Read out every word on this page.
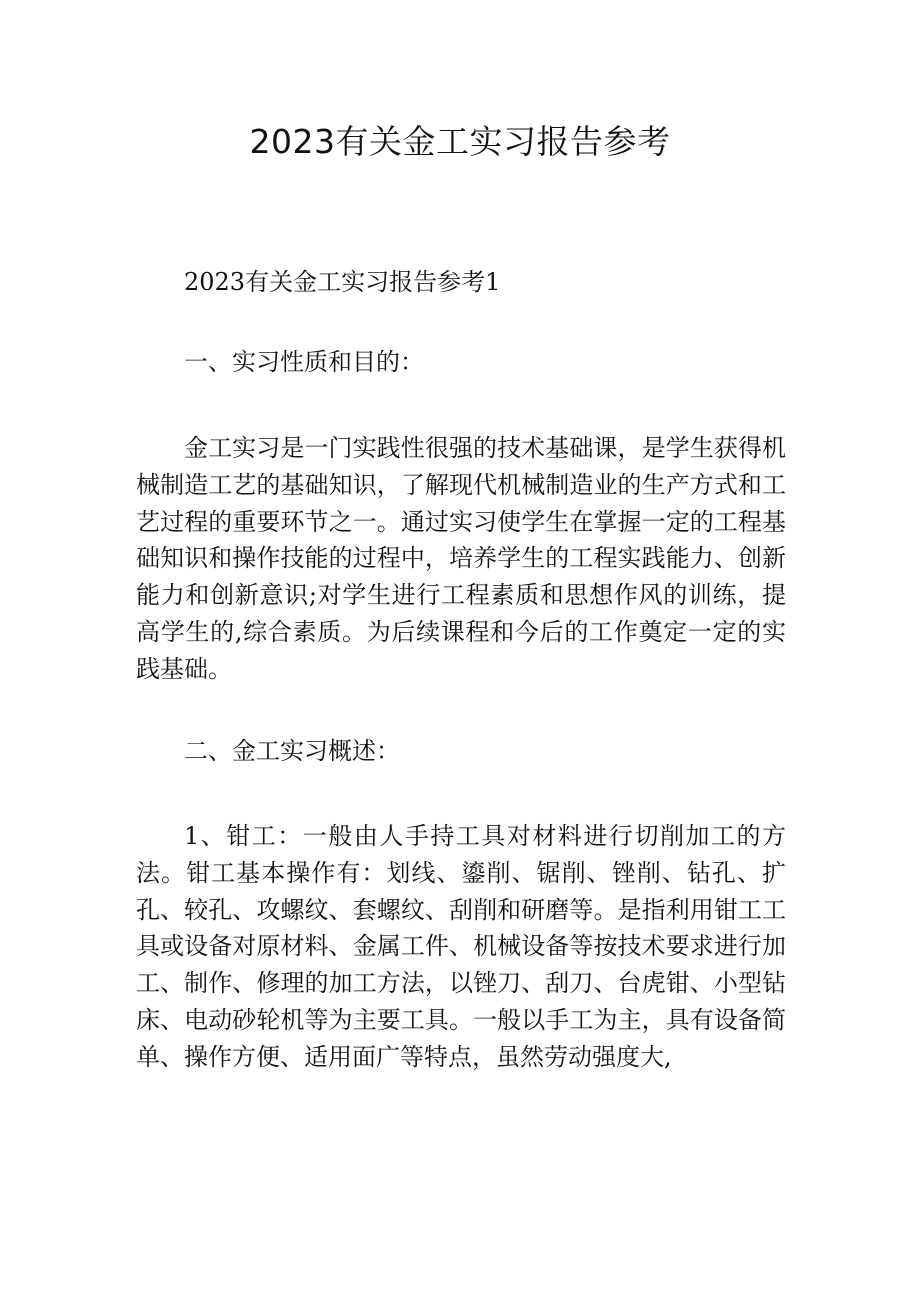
2023有关金工实习报告参考
2023有关金工实习报告参考1
一、实习性质和目的：
金工实习是一门实践性很强的技术基础课，是学生获得机械制造工艺的基础知识，了解现代机械制造业的生产方式和工艺过程的重要环节之一。通过实习使学生在掌握一定的工程基础知识和操作技能的过程中，培养学生的工程实践能力、创新能力和创新意识;对学生进行工程素质和思想作风的训练，提高学生的,综合素质。为后续课程和今后的工作奠定一定的实践基础。
二、金工实习概述：
1、钳工：一般由人手持工具对材料进行切削加工的方法。钳工基本操作有：划线、鎏削、锯削、锉削、钻孔、扩孔、较孔、攻螺纹、套螺纹、刮削和研磨等。是指利用钳工工具或设备对原材料、金属工件、机械设备等按技术要求进行加工、制作、修理的加工方法，以锉刀、刮刀、台虎钳、小型钻床、电动砂轮机等为主要工具。一般以手工为主，具有设备简单、操作方便、适用面广等特点，虽然劳动强度大,
